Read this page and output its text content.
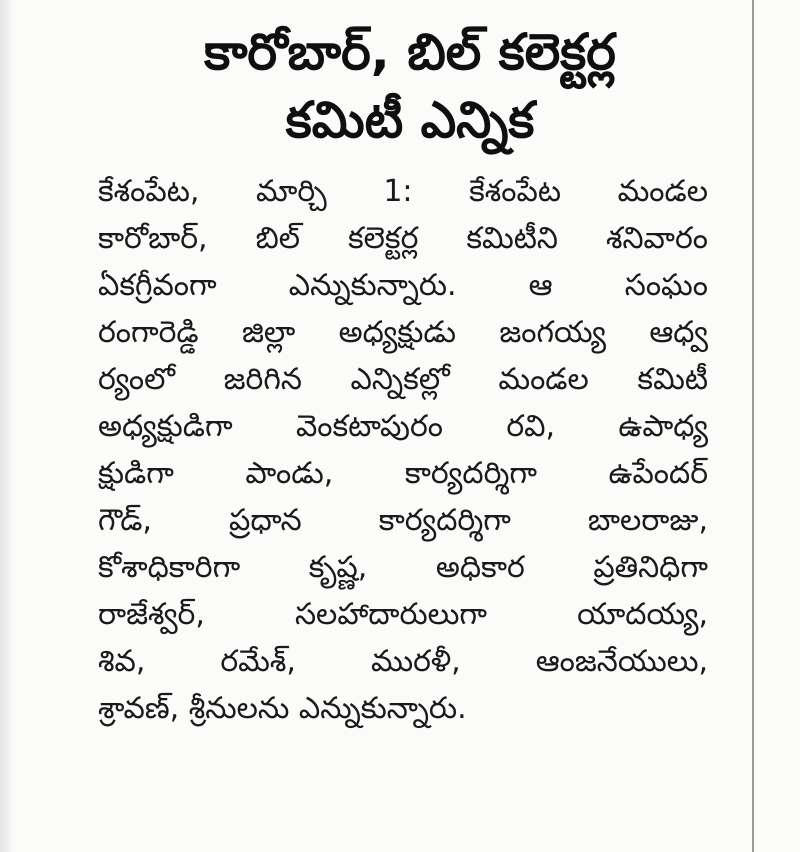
కారోబార్, బిల్ కలెక్టర్ల
కమిటీ ఎన్నిక
కేశంపేట, మార్చి 1: కేశంపేట మండల
కారోబార్, బిల్ కలెక్టర్ల కమిటీని శనివారం
ఏకగ్రీవంగా ఎన్నుకున్నారు. ఆ సంఘం
రంగారెడ్డి జిల్లా అధ్యక్షుడు జంగయ్య ఆధ్వ
ర్యంలో జరిగిన ఎన్నికల్లో మండల కమిటీ
అధ్యక్షుడిగా వెంకటాపురం రవి, ఉపాధ్య
క్షుడిగా పాండు, కార్యదర్శిగా ఉపేందర్
గౌడ్, ప్రధాన కార్యదర్శిగా బాలరాజు,
కోశాధికారిగా కృష్ణ, అధికార ప్రతినిధిగా
రాజేశ్వర్, సలహాదారులుగా యాదయ్య,
శివ, రమేశ్, మురళీ, ఆంజనేయులు,
శ్రావణ్, శ్రీనులను ఎన్నుకున్నారు.
